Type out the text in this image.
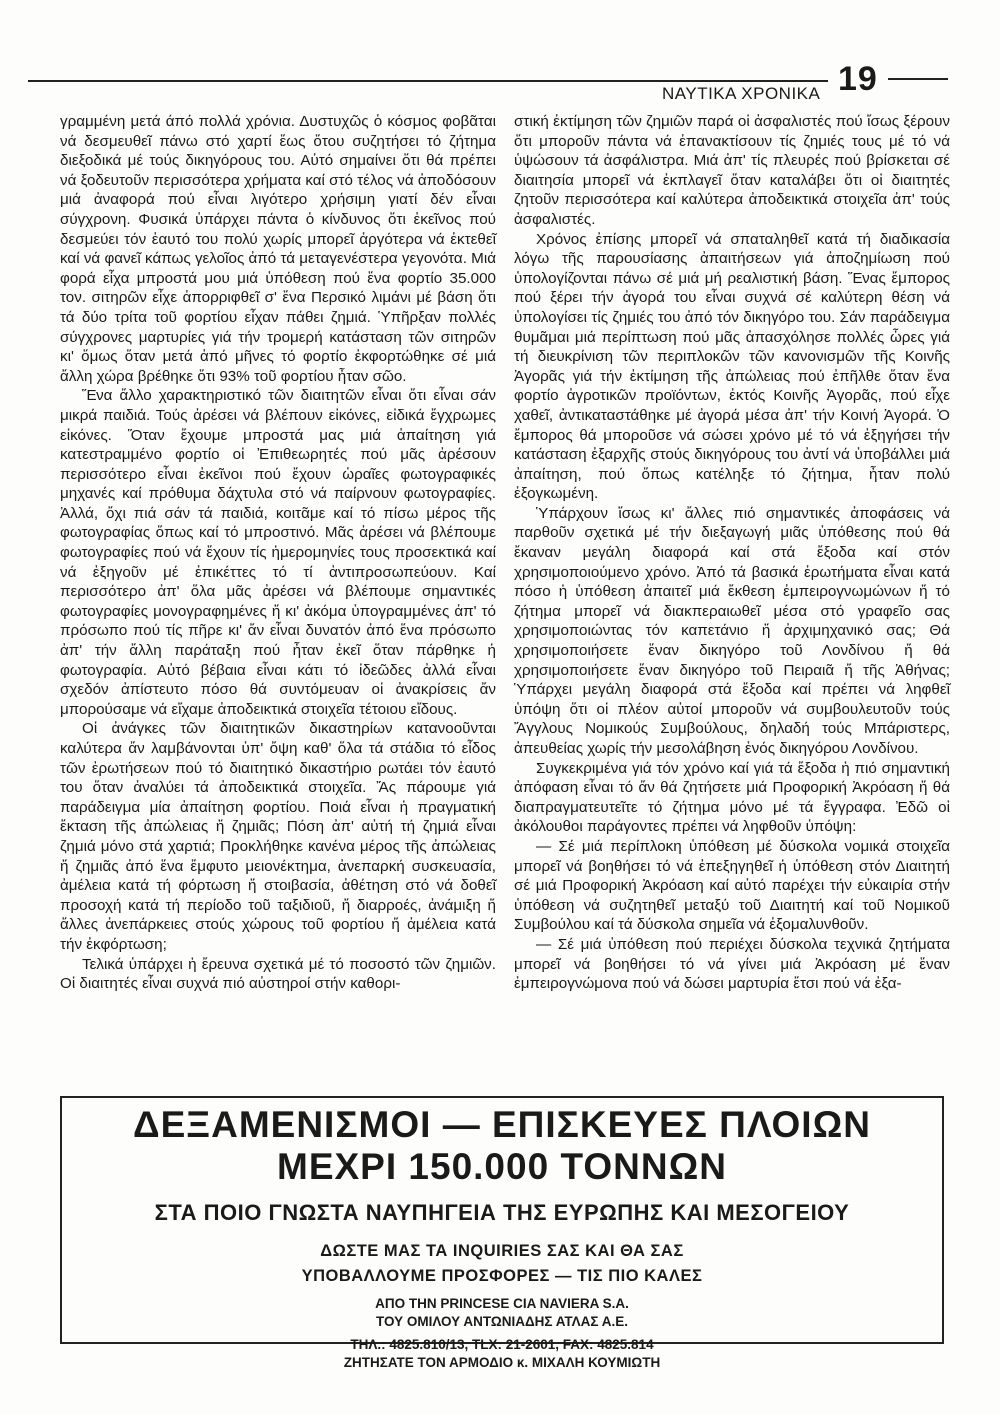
ΝΑΥΤΙΚΑ ΧΡΟΝΙΚΑ 19

γραμμένη μετά άπό πολλά χρόνια. Δυστυχῶς ὁ κόσμος φοβᾶται νά δεσμευθεῖ πάνω στό χαρτί ἕως ὅτου συζητήσει τό ζήτημα διεξοδικά μέ τούς δικηγόρους του. Αὐτό σημαίνει ὅτι θά πρέπει νά ξοδευτοῦν περισσότερα χρήματα καί στό τέλος νά ἀποδόσουν μιά ἀναφορά πού εἶναι λιγότερο χρήσιμη γιατί δέν εἶναι σύγχρονη. Φυσικά ὑπάρχει πάντα ὁ κίνδυνος ὅτι ἐκεῖνος πού δεσμεύει τόν ἑαυτό του πολύ χωρίς μπορεῖ ἀργότερα νά ἐκτεθεῖ καί νά φανεῖ κάπως γελοῖος ἀπό τά μεταγενέστερα γεγονότα. Μιά φορά εἶχα μπροστά μου μιά ὑπόθεση πού ἕνα φορτίο 35.000 τον. σιτηρῶν εἶχε ἀπορριφθεῖ σ' ἕνα Περσικό λιμάνι μέ βάση ὅτι τά δύο τρίτα τοῦ φορτίου εἶχαν πάθει ζημιά. Ὑπῆρξαν πολλές σύγχρονες μαρτυρίες γιά τήν τρομερή κατάσταση τῶν σιτηρῶν κι' ὅμως ὅταν μετά ἀπό μῆνες τό φορτίο ἐκφορτώθηκε σέ μιά ἄλλη χώρα βρέθηκε ὅτι 93% τοῦ φορτίου ἦταν σῶο.

Ἕνα ἄλλο χαρακτηριστικό τῶν διαιτητῶν εἶναι ὅτι εἶναι σάν μικρά παιδιά. Τούς ἀρέσει νά βλέπουν εἰκόνες, εἰδικά ἔγχρωμες εἰκόνες. Ὅταν ἔχουμε μπροστά μας μιά ἀπαίτηση γιά κατεστραμμένο φορτίο οἱ Ἐπιθεωρητές πού μᾶς ἀρέσουν περισσότερο εἶναι ἐκεῖνοι πού ἔχουν ὡραῖες φωτογραφικές μηχανές καί πρόθυμα δάχτυλα στό νά παίρνουν φωτογραφίες. Ἀλλά, ὄχι πιά σάν τά παιδιά, κοιτᾶμε καί τό πίσω μέρος τῆς φωτογραφίας ὅπως καί τό μπροστινό. Μᾶς ἀρέσει νά βλέπουμε φωτογραφίες πού νά ἔχουν τίς ἡμερομηνίες τους προσεκτικά καί νά ἐξηγοῦν μέ ἐπικέττες τό τί ἀντιπροσωπεύουν. Καί περισσότερο ἀπ' ὅλα μᾶς ἀρέσει νά βλέπουμε σημαντικές φωτογραφίες μονογραφημένες ἤ κι' ἀκόμα ὑπογραμμένες ἀπ' τό πρόσωπο πού τίς πῆρε κι' ἄν εἶναι δυνατόν ἀπό ἕνα πρόσωπο ἀπ' τήν ἄλλη παράταξη πού ἦταν ἐκεῖ ὅταν πάρθηκε ἡ φωτογραφία. Αὐτό βέβαια εἶναι κάτι τό ἰδεῶδες ἀλλά εἶναι σχεδόν ἀπίστευτο πόσο θά συντόμευαν οἱ ἀνακρίσεις ἄν μπορούσαμε νά εἴχαμε ἀποδεικτικά στοιχεῖα τέτοιου εἴδους.

Οἱ ἀνάγκες τῶν διαιτητικῶν δικαστηρίων κατανοοῦνται καλύτερα ἄν λαμβάνονται ὑπ' ὄψη καθ' ὅλα τά στάδια τό εἶδος τῶν ἐρωτήσεων πού τό διαιτητικό δικαστήριο ρωτάει τόν ἑαυτό του ὅταν ἀναλύει τά ἀποδεικτικά στοιχεῖα. Ἄς πάρουμε γιά παράδειγμα μία ἀπαίτηση φορτίου. Ποιά εἶναι ἡ πραγματική ἔκταση τῆς ἀπώλειας ἤ ζημιᾶς; Πόση ἀπ' αὐτή τή ζημιά εἶναι ζημιά μόνο στά χαρτιά; Προκλήθηκε κανένα μέρος τῆς ἀπώλειας ἤ ζημιᾶς ἀπό ἕνα ἔμφυτο μειονέκτημα, ἀνεπαρκή συσκευασία, ἀμέλεια κατά τή φόρτωση ἤ στοιβασία, ἀθέτηση στό νά δοθεῖ προσοχή κατά τή περίοδο τοῦ ταξιδιοῦ, ἤ διαρροές, ἀνάμιξη ἤ ἄλλες ἀνεπάρκειες στούς χώρους τοῦ φορτίου ἤ ἀμέλεια κατά τήν ἐκφόρτωση;

Τελικά ὑπάρχει ἡ ἔρευνα σχετικά μέ τό ποσοστό τῶν ζημιῶν. Οἱ διαιτητές εἶναι συχνά πιό αὐστηροί στήν καθορι-

στική ἐκτίμηση τῶν ζημιῶν παρά οἱ ἀσφαλιστές πού ἴσως ξέρουν ὅτι μποροῦν πάντα νά ἐπανακτίσουν τίς ζημιές τους μέ τό νά ὑψώσουν τά ἀσφάλιστρα. Μιά ἀπ' τίς πλευρές πού βρίσκεται σέ διαιτησία μπορεῖ νά ἐκπλαγεῖ ὅταν καταλάβει ὅτι οἱ διαιτητές ζητοῦν περισσότερα καί καλύτερα ἀποδεικτικά στοιχεῖα ἀπ' τούς ἀσφαλιστές.

Χρόνος ἐπίσης μπορεῖ νά σπαταληθεῖ κατά τή διαδικασία λόγω τῆς παρουσίασης ἀπαιτήσεων γιά ἀποζημίωση πού ὑπολογίζονται πάνω σέ μιά μή ρεαλιστική βάση. Ἕνας ἔμπορος πού ξέρει τήν ἀγορά του εἶναι συχνά σέ καλύτερη θέση νά ὑπολογίσει τίς ζημιές του ἀπό τόν δικηγόρο του. Σάν παράδειγμα θυμᾶμαι μιά περίπτωση πού μᾶς ἀπασχόλησε πολλές ὧρες γιά τή διευκρίνιση τῶν περιπλοκῶν τῶν κανονισμῶν τῆς Κοινῆς Ἀγορᾶς γιά τήν ἐκτίμηση τῆς ἀπώλειας πού ἐπῆλθε ὅταν ἕνα φορτίο ἀγροτικῶν προϊόντων, ἐκτός Κοινῆς Ἀγορᾶς, πού εἶχε χαθεῖ, ἀντικαταστάθηκε μέ ἀγορά μέσα ἀπ' τήν Κοινή Ἀγορά. Ὁ ἔμπορος θά μποροῦσε νά σώσει χρόνο μέ τό νά ἐξηγήσει τήν κατάσταση ἐξαρχῆς στούς δικηγόρους του ἀντί νά ὑποβάλλει μιά ἀπαίτηση, πού ὅπως κατέληξε τό ζήτημα, ἦταν πολύ ἐξογκωμένη.

Ὑπάρχουν ἴσως κι' ἄλλες πιό σημαντικές ἀποφάσεις νά παρθοῦν σχετικά μέ τήν διεξαγωγή μιᾶς ὑπόθεσης πού θά ἔκαναν μεγάλη διαφορά καί στά ἔξοδα καί στόν χρησιμοποιούμενο χρόνο. Ἀπό τά βασικά ἐρωτήματα εἶναι κατά πόσο ἡ ὑπόθεση ἀπαιτεῖ μιά ἔκθεση ἐμπειρογνωμώνων ἤ τό ζήτημα μπορεῖ νά διακπεραιωθεῖ μέσα στό γραφεῖο σας χρησιμοποιώντας τόν καπετάνιο ἤ ἀρχιμηχανικό σας; Θά χρησιμοποιήσετε ἕναν δικηγόρο τοῦ Λονδίνου ἤ θά χρησιμοποιήσετε ἕναν δικηγόρο τοῦ Πειραιᾶ ἤ τῆς Ἀθήνας; Ὑπάρχει μεγάλη διαφορά στά ἔξοδα καί πρέπει νά ληφθεῖ ὑπόψη ὅτι οἱ πλέον αὐτοί μποροῦν νά συμβουλευτοῦν τούς Ἄγγλους Νομικούς Συμβούλους, δηλαδή τούς Μπάριστερς, ἀπευθείας χωρίς τήν μεσολάβηση ἑνός δικηγόρου Λονδίνου.

Συγκεκριμένα γιά τόν χρόνο καί γιά τά ἔξοδα ἡ πιό σημαντική ἀπόφαση εἶναι τό ἄν θά ζητήσετε μιά Προφορική Ἀκρόαση ἤ θά διαπραγματευτεῖτε τό ζήτημα μόνο μέ τά ἔγγραφα. Ἐδῶ οἱ ἀκόλουθοι παράγοντες πρέπει νά ληφθοῦν ὑπόψη:

— Σέ μιά περίπλοκη ὑπόθεση μέ δύσκολα νομικά στοιχεῖα μπορεῖ νά βοηθήσει τό νά ἐπεξηγηθεῖ ἡ ὑπόθεση στόν Διαιτητή σέ μιά Προφορική Ἀκρόαση καί αὐτό παρέχει τήν εὐκαιρία στήν ὑπόθεση νά συζητηθεῖ μεταξύ τοῦ Διαιτητή καί τοῦ Νομικοῦ Συμβούλου καί τά δύσκολα σημεῖα νά ἐξομαλυνθοῦν.

— Σέ μιά ὑπόθεση πού περιέχει δύσκολα τεχνικά ζητήματα μπορεῖ νά βοηθήσει τό νά γίνει μιά Ἀκρόαση μέ ἕναν ἐμπειρογνώμονα πού νά δώσει μαρτυρία ἔτσι πού νά ἐξα-

ΔΕΞΑΜΕΝΙΣΜΟΙ — ΕΠΙΣΚΕΥΕΣ ΠΛΟΙΩΝ
ΜΕΧΡΙ 150.000 ΤΟΝΝΩΝ
ΣΤΑ ΠΟΙΟ ΓΝΩΣΤΑ ΝΑΥΠΗΓΕΙΑ ΤΗΣ ΕΥΡΩΠΗΣ ΚΑΙ ΜΕΣΟΓΕΙΟΥ
ΔΩΣΤΕ ΜΑΣ ΤΑ INQUIRIES ΣΑΣ ΚΑΙ ΘΑ ΣΑΣ
ΥΠΟΒΑΛΛΟΥΜΕ ΠΡΟΣΦΟΡΕΣ — ΤΙΣ ΠΙΟ ΚΑΛΕΣ
ΑΠΟ ΤΗΝ PRINCESE CIA NAVIERA S.A.
ΤΟΥ ΟΜΙΛΟΥ ΑΝΤΩΝΙΑΔΗΣ ΑΤΛΑΣ Α.Ε.
ΤΗΛ.: 4825.810/13, TLX: 21-2601, FAX: 4825.814
ΖΗΤΗΣΑΤΕ ΤΟΝ ΑΡΜΟΔΙΟ κ. ΜΙΧΑΛΗ ΚΟΥΜΙΩΤΗ
